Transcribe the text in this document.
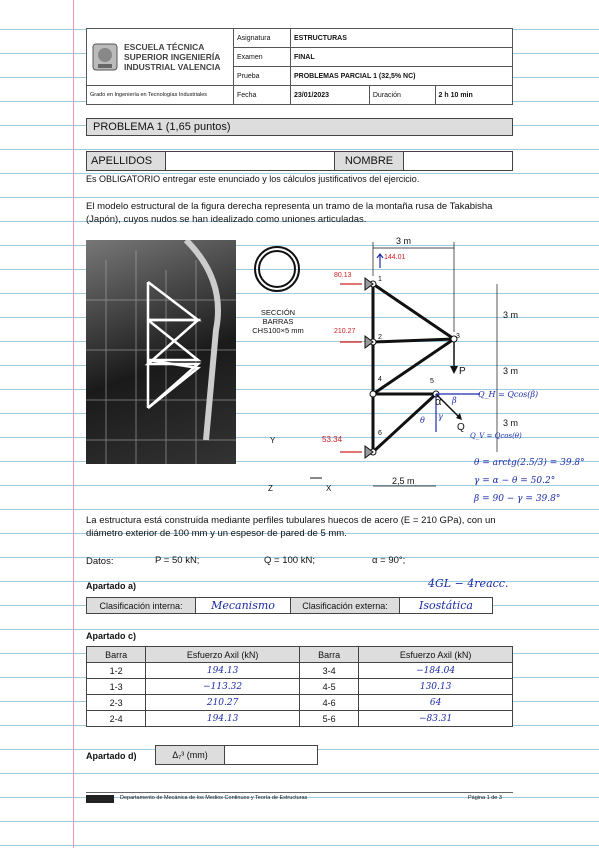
ESCUELA TÉCNICA
SUPERIOR INGENIERÍA
INDUSTRIAL VALENCIA	Asignatura	ESTRUCTURAS		
	Examen	FINAL		
	Prueba	PROBLEMAS PARCIAL 1 (32,5% NC)		
Grado en Ingeniería en Tecnologías Industriales	Fecha	23/01/2023	Duración	2 h 10 min
PROBLEMA 1 (1,65 puntos)
APELLIDOS		NOMBRE	
Es OBLIGATORIO entregar este enunciado y los cálculos justificativos del ejercicio.
El modelo estructural de la figura derecha representa un tramo de la montaña rusa de Takabisha (Japón), cuyos nudos se han idealizado como uniones articuladas.
SECCIÓN BARRAS
CHS100×5 mm
3 m
3 m
3 m
3 m
2,5 m
1
2	3
4	5
6
P
Q
α
θ γ
β
Y
Z	X
144.01
80.13
210.27
53.34
Q_H = Qcos(β)
Q_V = Qcos(θ)
θ = arctg(2.5/3) = 39.8°
γ = α − θ = 50.2°
β = 90 − γ = 39.8°
La estructura está construida mediante perfiles tubulares huecos de acero (E = 210 GPa), con un diámetro exterior de 100 mm y un espesor de pared de 5 mm.
Datos:	P = 50 kN;	Q = 100 kN;	α = 90°;
Apartado a)	4GL − 4reacc.
Clasificación interna:	Mecanismo	Clasificación externa:	Isostática
Apartado c)
Barra	Esfuerzo Axil (kN)	Barra	Esfuerzo Axil (kN)
1-2	194.13	3-4	−184.04
1-3	−113.32	4-5	130.13
2-3	210.27	4-6	64
2-4	194.13	5-6	−83.31
Apartado d)	Δ₇³ (mm)	
Departamento de Mecánica de los Medios Continuos y Teoría de Estructuras	Página 1 de 3
